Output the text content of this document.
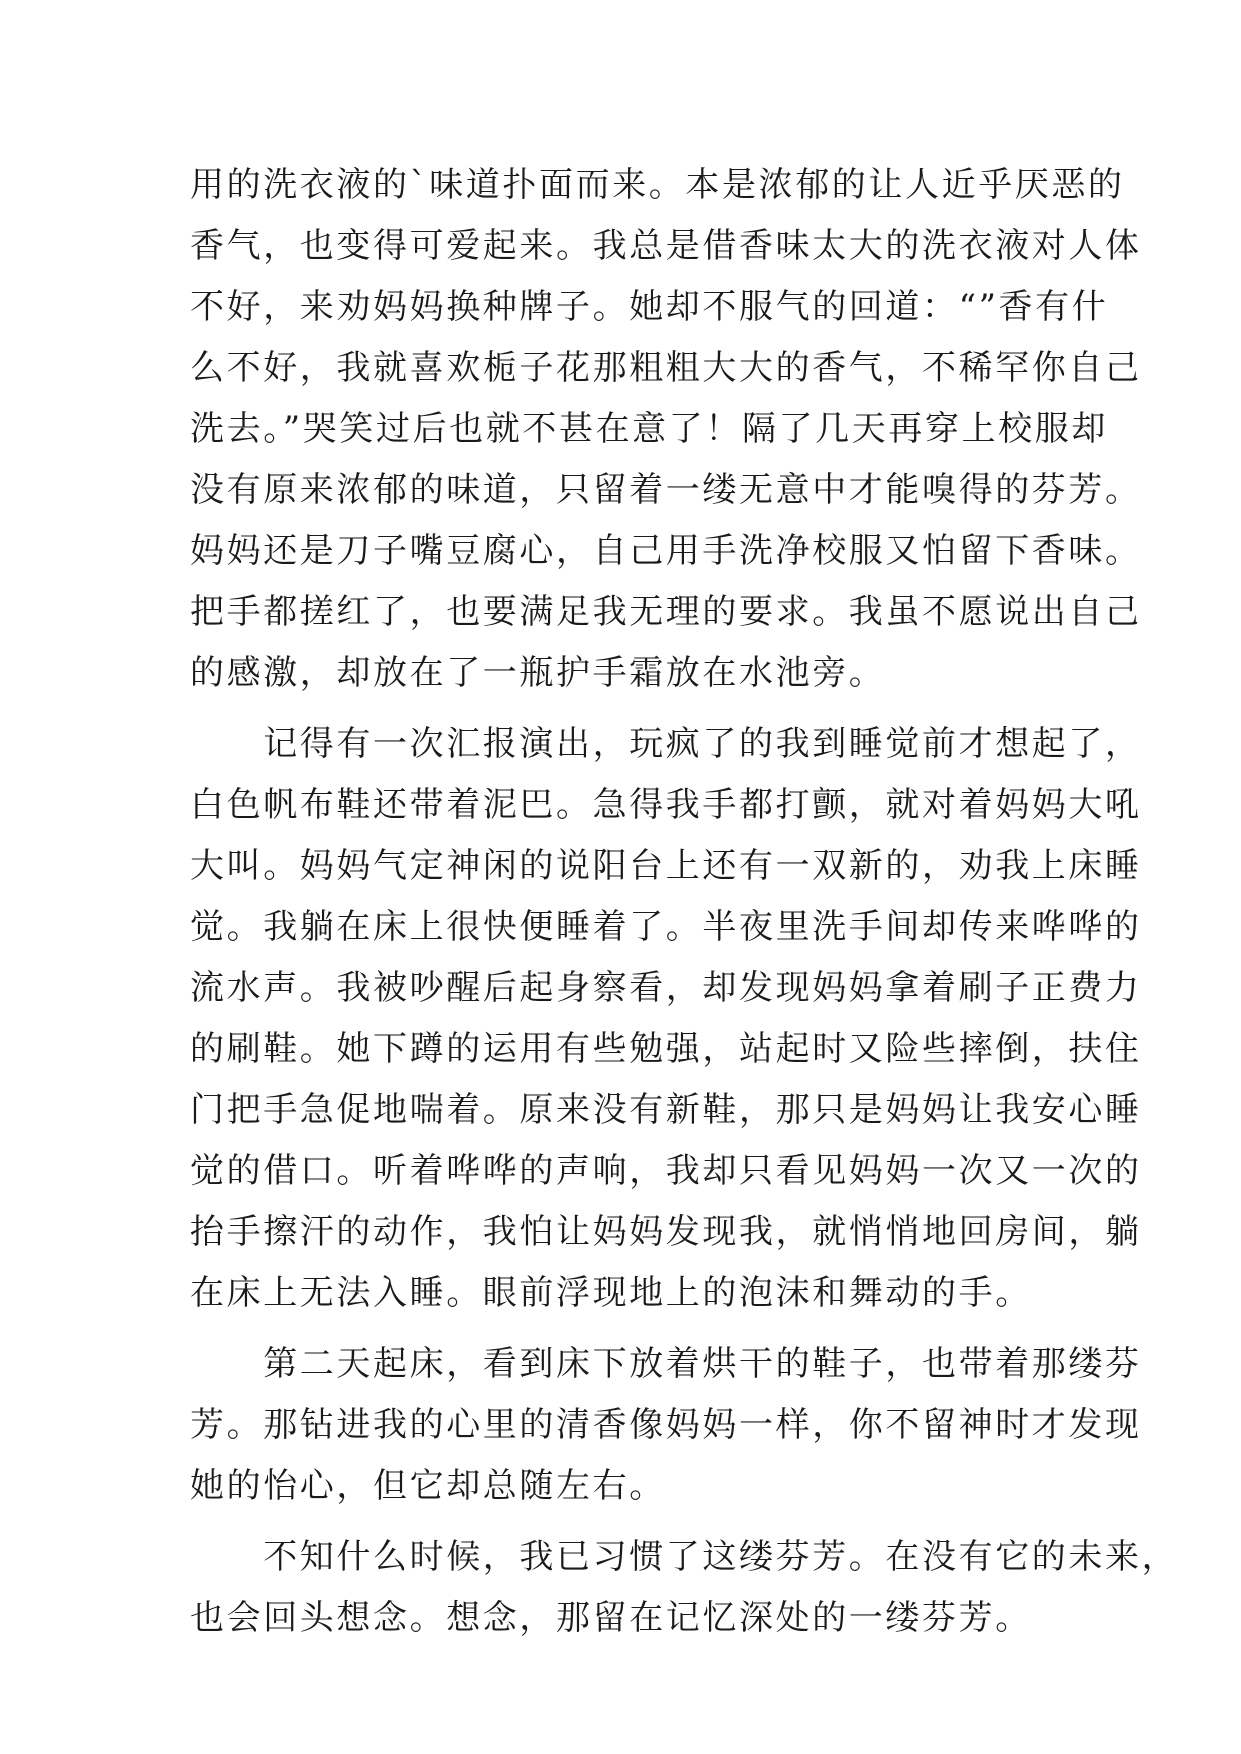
用的洗衣液的`味道扑面而来。本是浓郁的让人近乎厌恶的
香气，也变得可爱起来。我总是借香味太大的洗衣液对人体
不好，来劝妈妈换种牌子。她却不服气的回道：“”香有什
么不好，我就喜欢栀子花那粗粗大大的香气，不稀罕你自己
洗去。”哭笑过后也就不甚在意了！隔了几天再穿上校服却
没有原来浓郁的味道，只留着一缕无意中才能嗅得的芬芳。
妈妈还是刀子嘴豆腐心，自己用手洗净校服又怕留下香味。
把手都搓红了，也要满足我无理的要求。我虽不愿说出自己
的感激，却放在了一瓶护手霜放在水池旁。
　　记得有一次汇报演出，玩疯了的我到睡觉前才想起了，
白色帆布鞋还带着泥巴。急得我手都打颤，就对着妈妈大吼
大叫。妈妈气定神闲的说阳台上还有一双新的，劝我上床睡
觉。我躺在床上很快便睡着了。半夜里洗手间却传来哗哗的
流水声。我被吵醒后起身察看，却发现妈妈拿着刷子正费力
的刷鞋。她下蹲的运用有些勉强，站起时又险些摔倒，扶住
门把手急促地喘着。原来没有新鞋，那只是妈妈让我安心睡
觉的借口。听着哗哗的声响，我却只看见妈妈一次又一次的
抬手擦汗的动作，我怕让妈妈发现我，就悄悄地回房间，躺
在床上无法入睡。眼前浮现地上的泡沫和舞动的手。
　　第二天起床，看到床下放着烘干的鞋子，也带着那缕芬
芳。那钻进我的心里的清香像妈妈一样，你不留神时才发现
她的怡心，但它却总随左右。
　　不知什么时候，我已习惯了这缕芬芳。在没有它的未来，
也会回头想念。想念，那留在记忆深处的一缕芬芳。
